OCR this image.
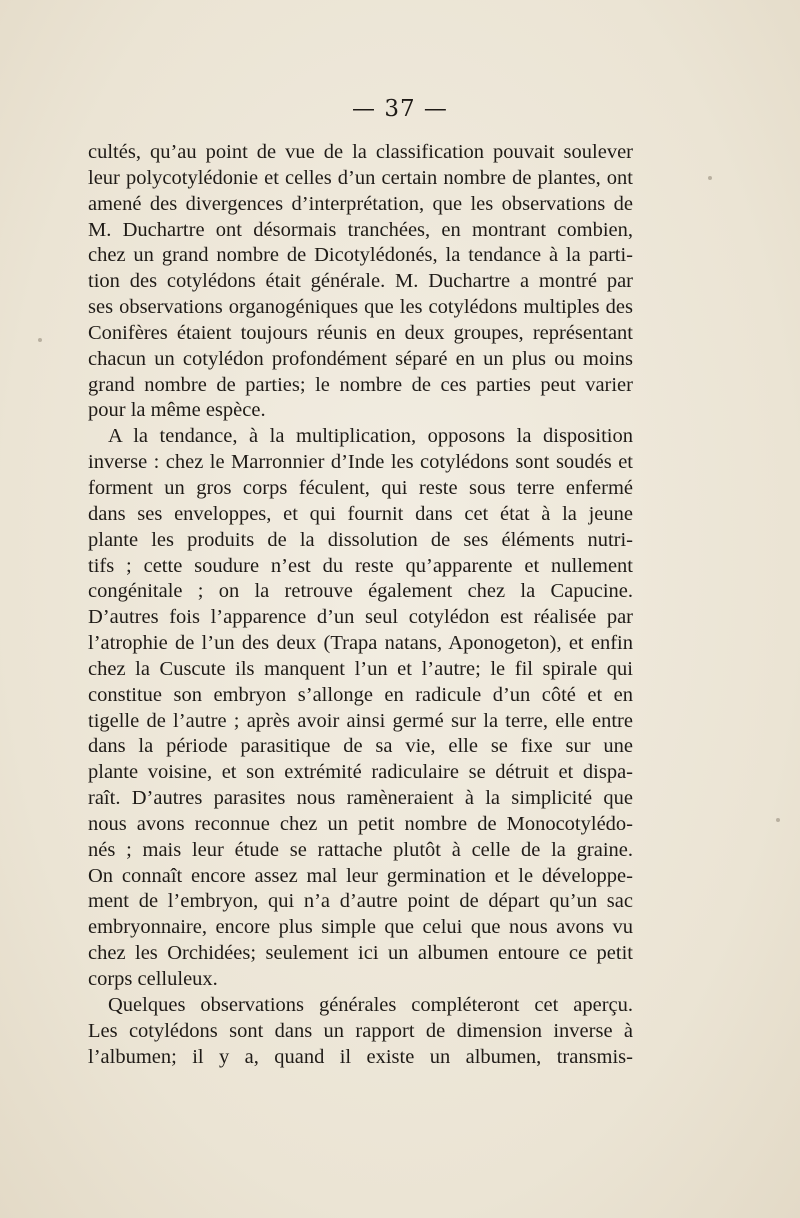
— 37 —
cultés, qu’au point de vue de la classification pouvait soulever
leur polycotylédonie et celles d’un certain nombre de plantes, ont
amené des divergences d’interprétation, que les observations de
M. Duchartre ont désormais tranchées, en montrant combien,
chez un grand nombre de Dicotylédonés, la tendance à la parti-
tion des cotylédons était générale. M. Duchartre a montré par
ses observations organogéniques que les cotylédons multiples des
Conifères étaient toujours réunis en deux groupes, représentant
chacun un cotylédon profondément séparé en un plus ou moins
grand nombre de parties; le nombre de ces parties peut varier
pour la même espèce.
A la tendance, à la multiplication, opposons la disposition
inverse : chez le Marronnier d’Inde les cotylédons sont soudés et
forment un gros corps féculent, qui reste sous terre enfermé
dans ses enveloppes, et qui fournit dans cet état à la jeune
plante les produits de la dissolution de ses éléments nutri-
tifs ; cette soudure n’est du reste qu’apparente et nullement
congénitale ; on la retrouve également chez la Capucine.
D’autres fois l’apparence d’un seul cotylédon est réalisée par
l’atrophie de l’un des deux (Trapa natans, Aponogeton), et enfin
chez la Cuscute ils manquent l’un et l’autre; le fil spirale qui
constitue son embryon s’allonge en radicule d’un côté et en
tigelle de l’autre ; après avoir ainsi germé sur la terre, elle entre
dans la période parasitique de sa vie, elle se fixe sur une
plante voisine, et son extrémité radiculaire se détruit et dispa-
raît. D’autres parasites nous ramèneraient à la simplicité que
nous avons reconnue chez un petit nombre de Monocotylédo-
nés ; mais leur étude se rattache plutôt à celle de la graine.
On connaît encore assez mal leur germination et le développe-
ment de l’embryon, qui n’a d’autre point de départ qu’un sac
embryonnaire, encore plus simple que celui que nous avons vu
chez les Orchidées; seulement ici un albumen entoure ce petit
corps celluleux.
Quelques observations générales compléteront cet aperçu.
Les cotylédons sont dans un rapport de dimension inverse à
l’albumen; il y a, quand il existe un albumen, transmis-
